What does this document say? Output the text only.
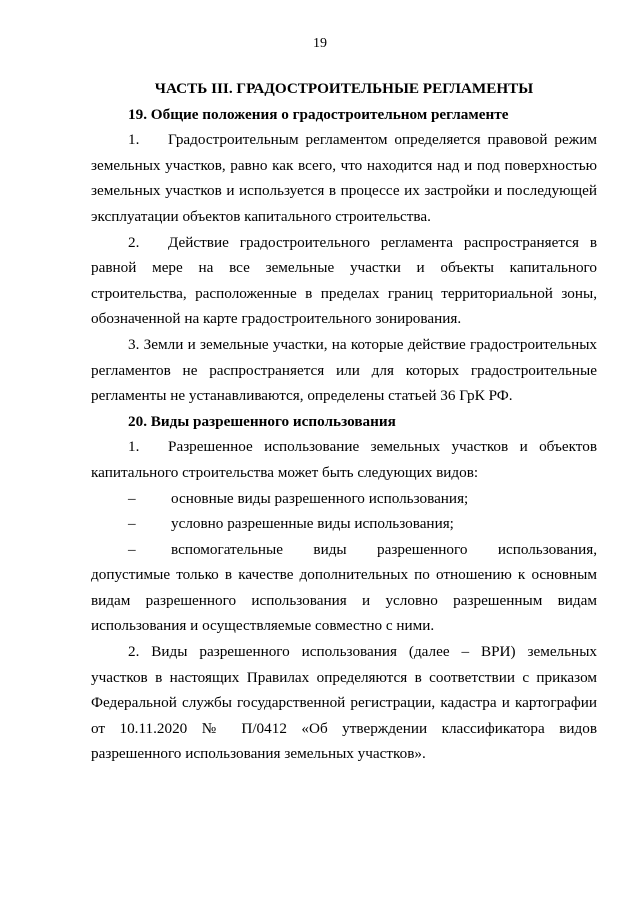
19
ЧАСТЬ III. ГРАДОСТРОИТЕЛЬНЫЕ РЕГЛАМЕНТЫ
19. Общие положения о градостроительном регламенте

1. Градостроительным регламентом определяется правовой режим земельных участков, равно как всего, что находится над и под поверхностью земельных участков и используется в процессе их застройки и последующей эксплуатации объектов капитального строительства.

2. Действие градостроительного регламента распространяется в равной мере на все земельные участки и объекты капитального строительства, расположенные в пределах границ территориальной зоны, обозначенной на карте градостроительного зонирования.

3. Земли и земельные участки, на которые действие градостроительных регламентов не распространяется или для которых градостроительные регламенты не устанавливаются, определены статьей 36 ГрК РФ.

20. Виды разрешенного использования

1. Разрешенное использование земельных участков и объектов капитального строительства может быть следующих видов:

– основные виды разрешенного использования;
– условно разрешенные виды использования;

– вспомогательные виды разрешенного использования, допустимые только в качестве дополнительных по отношению к основным видам разрешенного использования и условно разрешенным видам использования и осуществляемые совместно с ними.

2. Виды разрешенного использования (далее – ВРИ) земельных участков в настоящих Правилах определяются в соответствии с приказом Федеральной службы государственной регистрации, кадастра и картографии от 10.11.2020 № П/0412 «Об утверждении классификатора видов разрешенного использования земельных участков».
